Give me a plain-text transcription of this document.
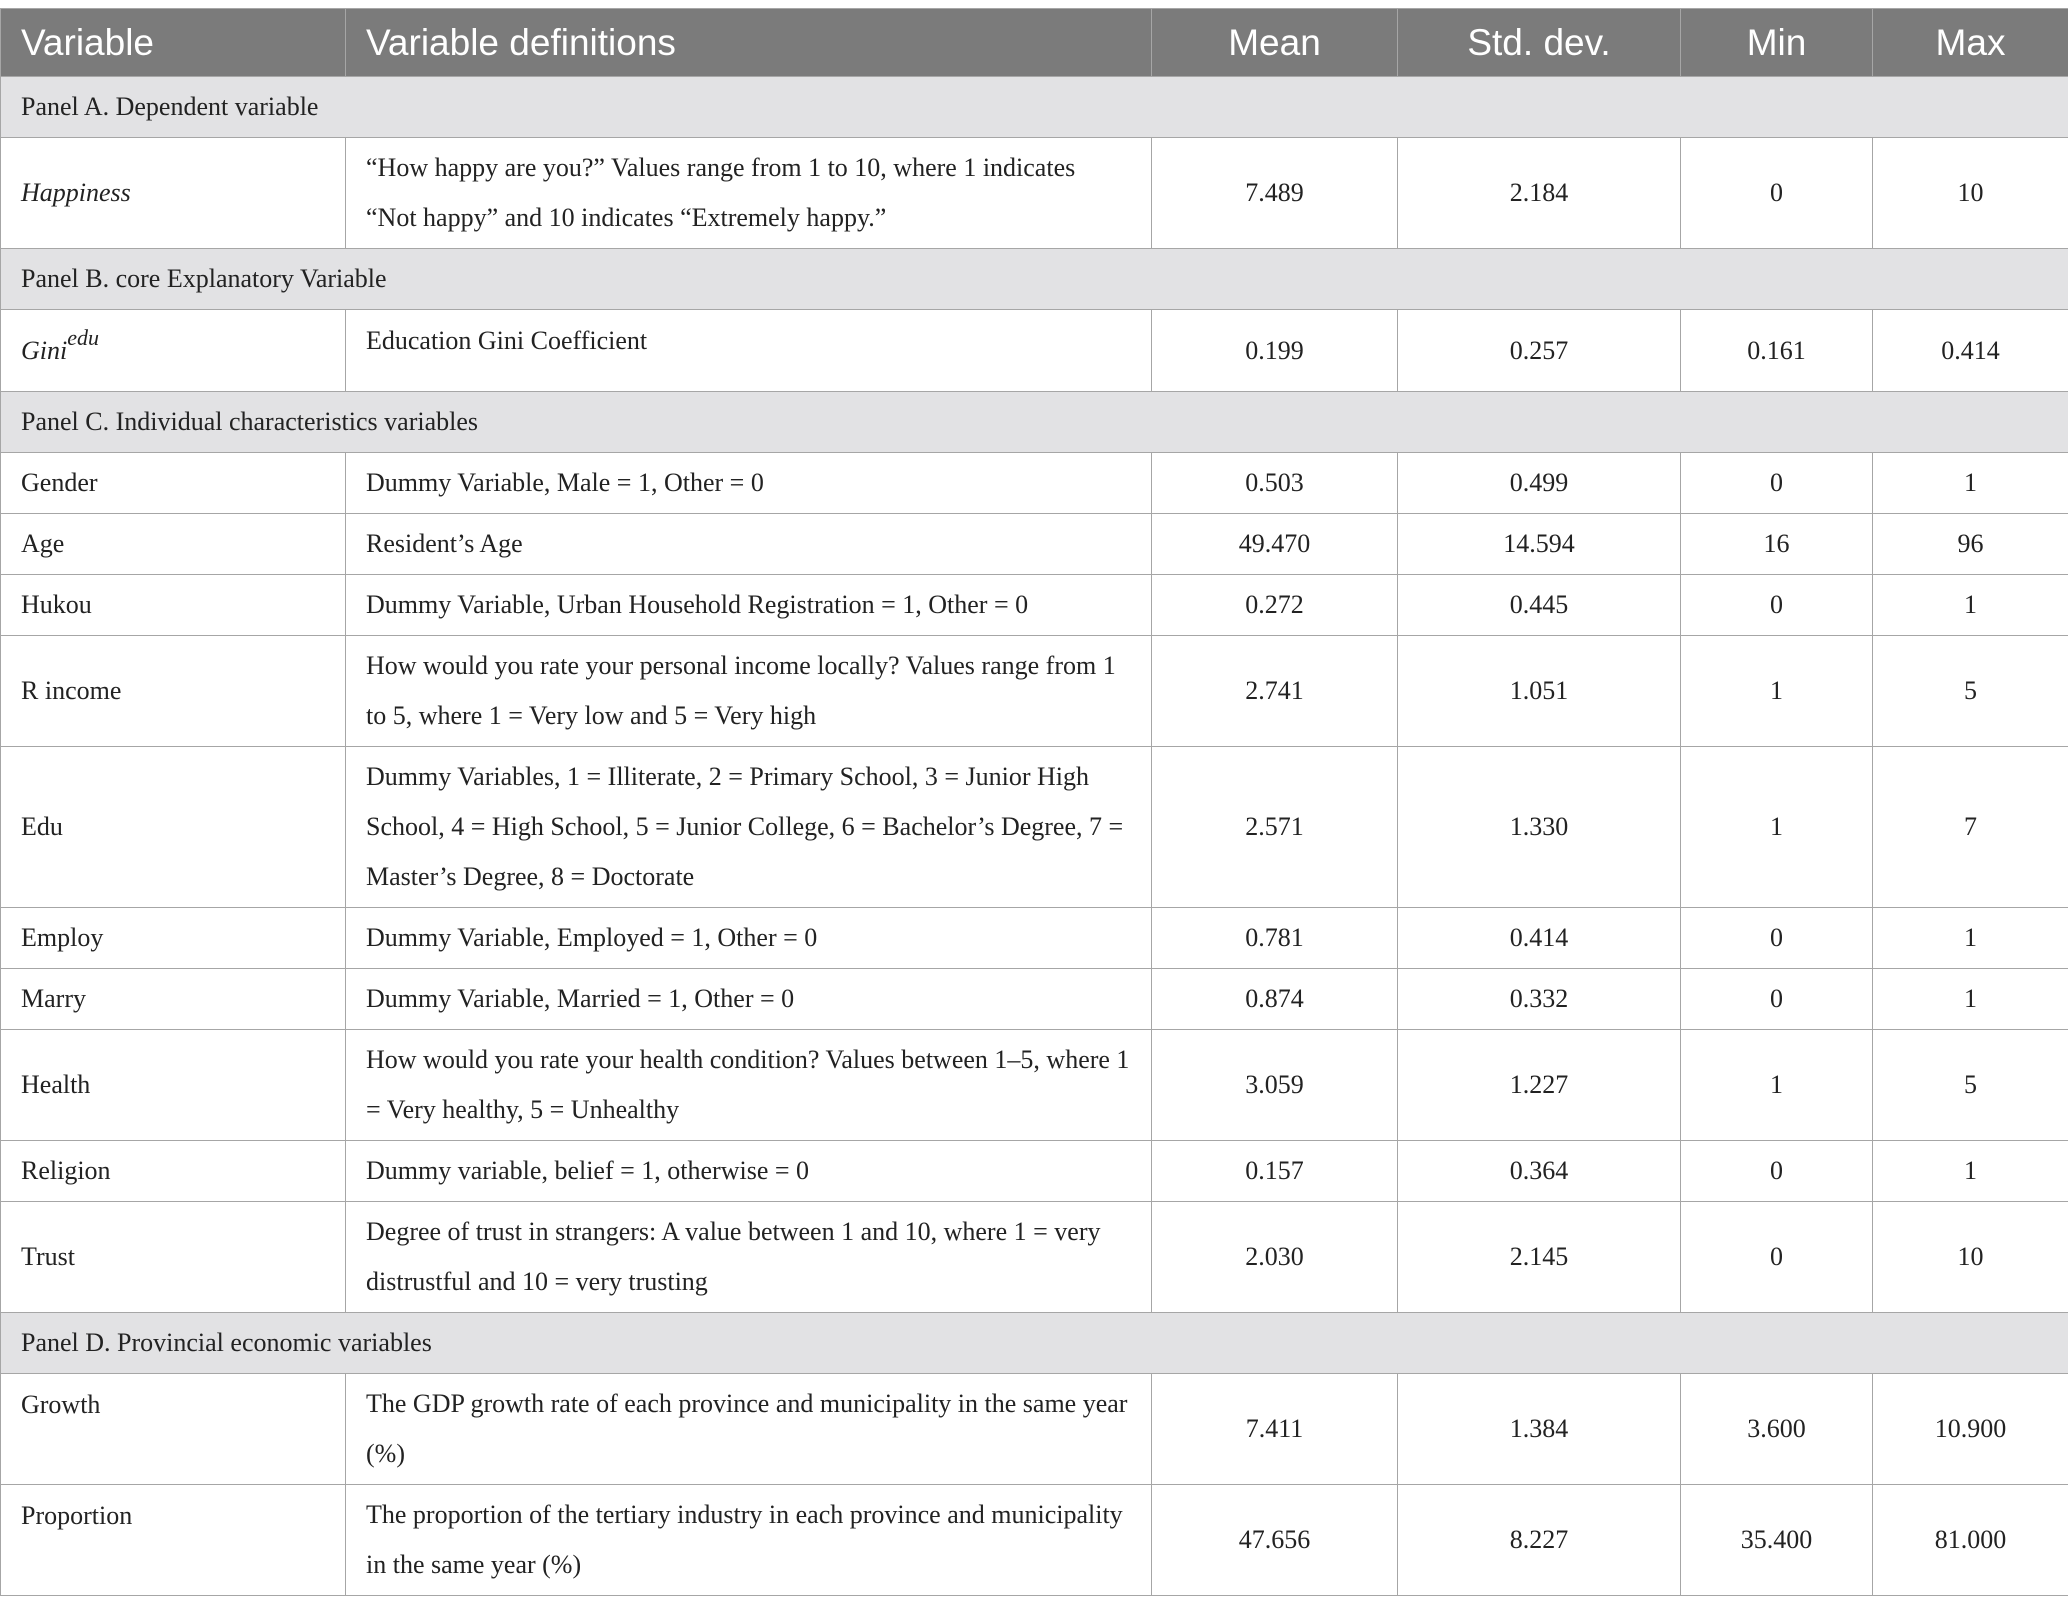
Variable	Variable definitions	Mean	Std. dev.	Min	Max
Panel A. Dependent variable					
Happiness	“How happy are you?” Values range from 1 to 10, where 1 indicates “Not happy” and 10 indicates “Extremely happy.”	7.489	2.184	0	10
Panel B. core Explanatory Variable					
Gini$^{edu}$	Education Gini Coefficient	0.199	0.257	0.161	0.414
Panel C. Individual characteristics variables					
Gender	Dummy Variable, Male = 1, Other = 0	0.503	0.499	0	1
Age	Resident’s Age	49.470	14.594	16	96
Hukou	Dummy Variable, Urban Household Registration = 1, Other = 0	0.272	0.445	0	1
R income	How would you rate your personal income locally? Values range from 1 to 5, where 1 = Very low and 5 = Very high	2.741	1.051	1	5
Edu	Dummy Variables, 1 = Illiterate, 2 = Primary School, 3 = Junior High School, 4 = High School, 5 = Junior College, 6 = Bachelor’s Degree, 7 = Master’s Degree, 8 = Doctorate	2.571	1.330	1	7
Employ	Dummy Variable, Employed = 1, Other = 0	0.781	0.414	0	1
Marry	Dummy Variable, Married = 1, Other = 0	0.874	0.332	0	1
Health	How would you rate your health condition? Values between 1–5, where 1 = Very healthy, 5 = Unhealthy	3.059	1.227	1	5
Religion	Dummy variable, belief = 1, otherwise = 0	0.157	0.364	0	1
Trust	Degree of trust in strangers: A value between 1 and 10, where 1 = very distrustful and 10 = very trusting	2.030	2.145	0	10
Panel D. Provincial economic variables					
Growth	The GDP growth rate of each province and municipality in the same year (%)	7.411	1.384	3.600	10.900
Proportion	The proportion of the tertiary industry in each province and municipality in the same year (%)	47.656	8.227	35.400	81.000
